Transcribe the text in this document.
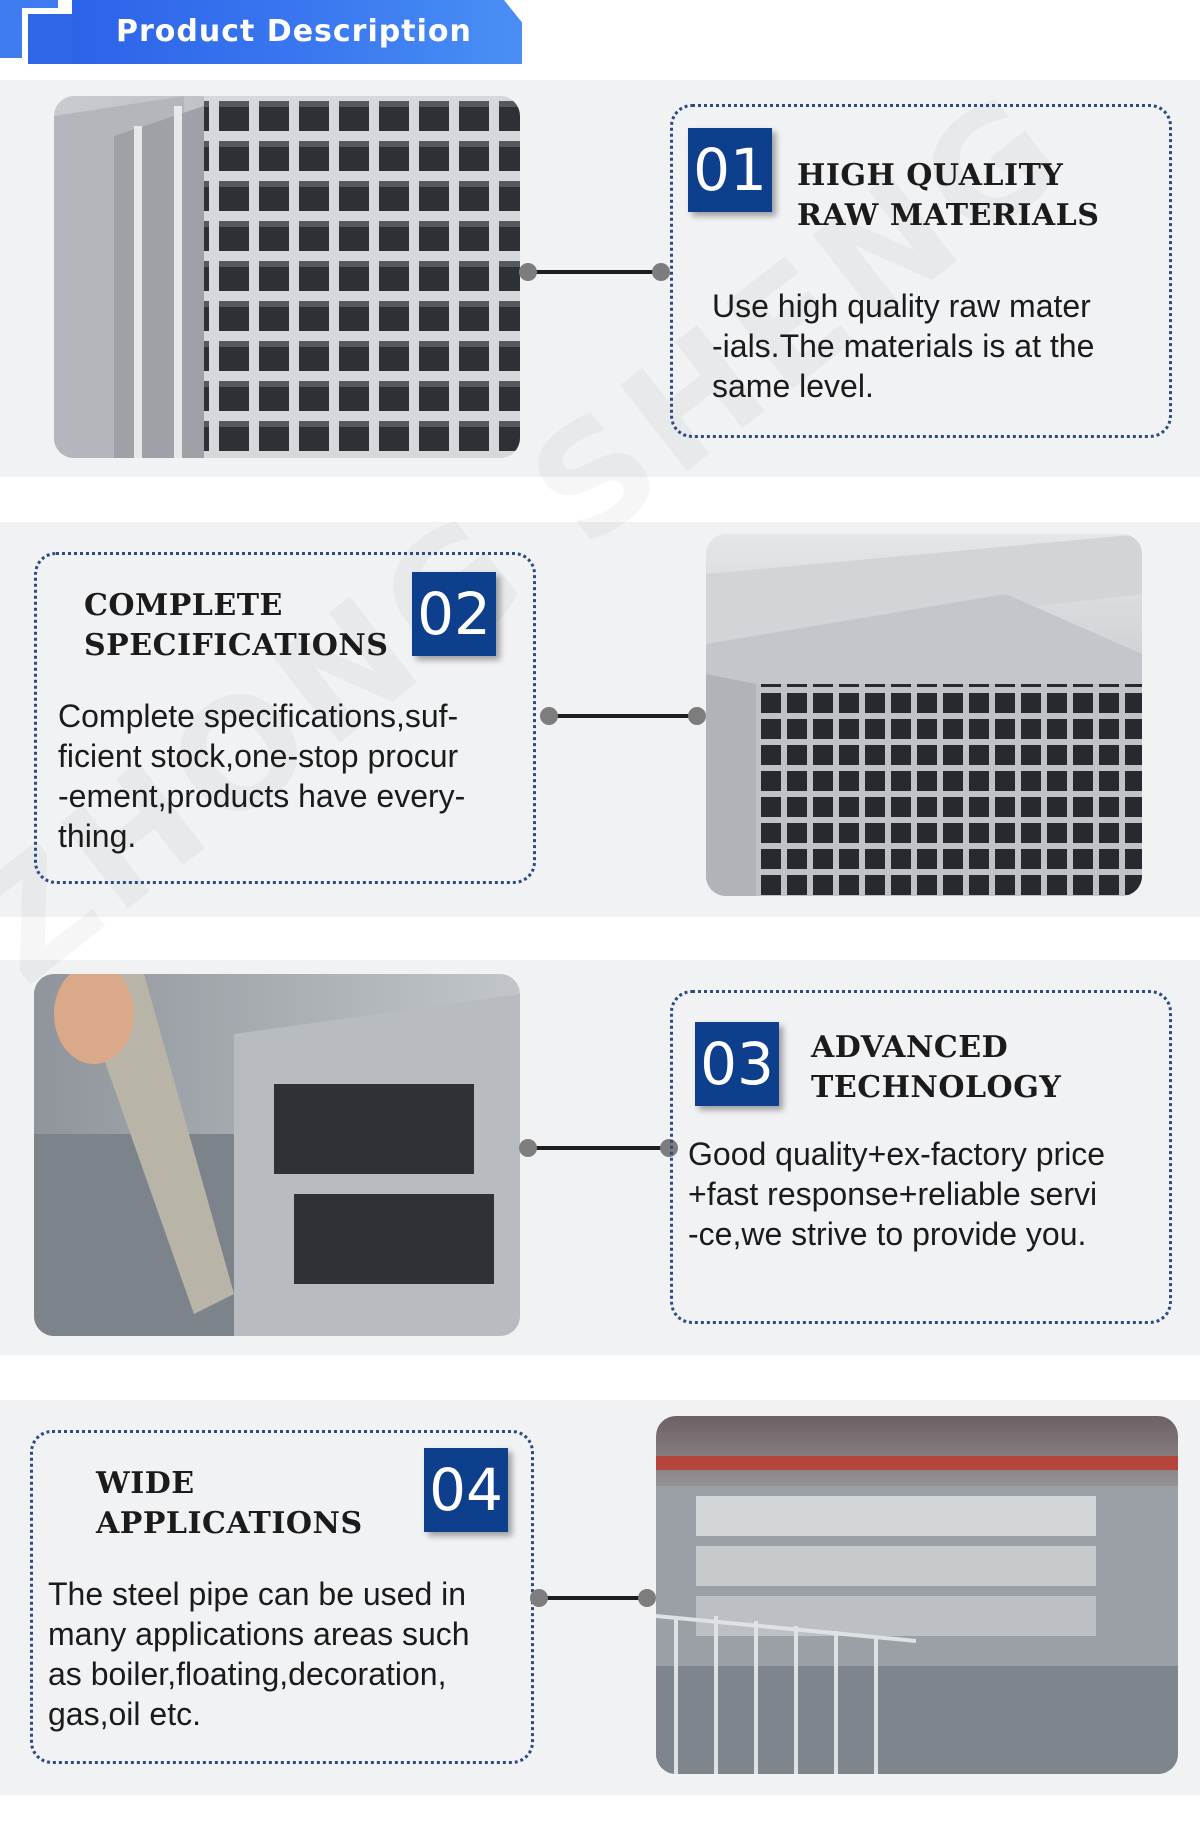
Product Description
01 HIGH QUALITY
RAW MATERIALS
Use high quality raw mater
-ials.The materials is at the
same level.
COMPLETE
SPECIFICATIONS 02
Complete specifications,suf-
ficient stock,one-stop procur
-ement,products have every-
thing.
03 ADVANCED
TECHNOLOGY
Good quality+ex-factory price
+fast response+reliable servi
-ce,we strive to provide you.
WIDE
APPLICATIONS 04
The steel pipe can be used in
many applications areas such
as boiler,floating,decoration,
gas,oil etc.
